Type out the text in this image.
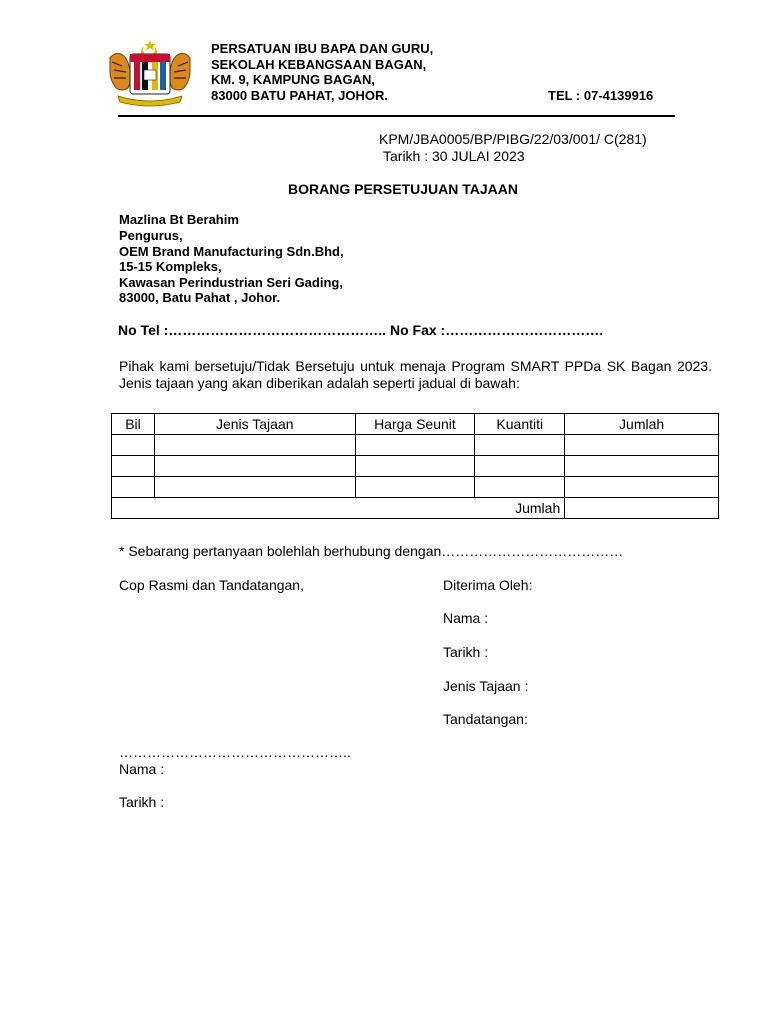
PERSATUAN IBU BAPA DAN GURU,
SEKOLAH KEBANGSAAN BAGAN,
KM. 9, KAMPUNG BAGAN,
83000 BATU PAHAT, JOHOR.	TEL : 07-4139916
KPM/JBA0005/BP/PIBG/22/03/001/ C(281)
Tarikh : 30 JULAI 2023
BORANG PERSETUJUAN TAJAAN
Mazlina Bt Berahim
Pengurus,
OEM Brand Manufacturing Sdn.Bhd,
15-15 Kompleks,
Kawasan Perindustrian Seri Gading,
83000, Batu Pahat , Johor.
No Tel :……………………………………….. No Fax :…………………………….
Pihak kami bersetuju/Tidak Bersetuju untuk menaja Program SMART PPDa SK Bagan 2023. Jenis tajaan yang akan diberikan adalah seperti jadual di bawah:
Bil	Jenis Tajaan	Harga Seunit	Kuantiti	Jumlah

Jumlah				
* Sebarang pertanyaan bolehlah berhubung dengan…………………………………
Cop Rasmi dan Tandatangan,	Diterima Oleh:
Nama :
Tarikh :
Jenis Tajaan :
Tandatangan:
…………………………………………..
Nama :
Tarikh :
